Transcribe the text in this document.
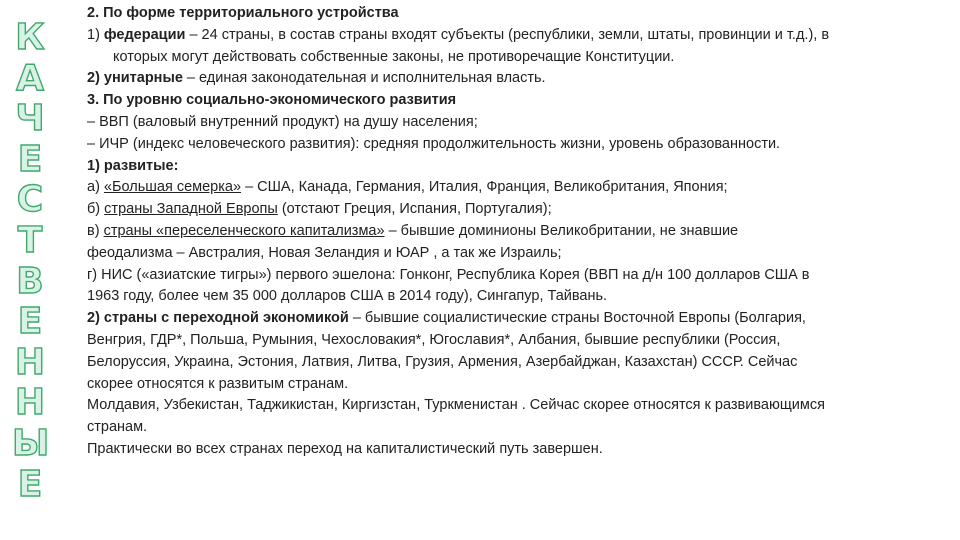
К
А
Ч
Е
С
Т
В
Е
Н
Н
Ы
Е
2. По форме территориального устройства
1) федерации – 24 страны, в состав страны входят субъекты (республики, земли, штаты, провинции и т.д.), в
которых могут действовать собственные законы, не противоречащие Конституции.
2) унитарные – единая законодательная и исполнительная власть.
3. По уровню социально-экономического развития
– ВВП (валовый внутренний продукт) на душу населения;
– ИЧР (индекс человеческого развития): средняя продолжительность жизни, уровень образованности.
1) развитые:
а) «Большая семерка» – США, Канада, Германия, Италия, Франция, Великобритания, Япония;
б) страны Западной Европы (отстают Греция, Испания, Португалия);
в) страны «переселенческого капитализма» – бывшие доминионы Великобритании, не знавшие
феодализма – Австралия, Новая Зеландия и ЮАР , а так же Израиль;
г) НИС («азиатские тигры») первого эшелона: Гонконг, Республика Корея (ВВП на д/н 100 долларов США в
1963 году, более чем 35 000 долларов США в 2014 году), Сингапур, Тайвань.
2) страны с переходной экономикой – бывшие социалистические страны Восточной Европы (Болгария,
Венгрия, ГДР*, Польша, Румыния, Чехословакия*, Югославия*, Албания, бывшие республики (Россия,
Белоруссия, Украина, Эстония, Латвия, Литва, Грузия, Армения, Азербайджан, Казахстан) СССР. Сейчас
скорее относятся к развитым странам.
Молдавия, Узбекистан, Таджикистан, Киргизстан, Туркменистан . Сейчас скорее относятся к развивающимся
странам.
Практически во всех странах переход на капиталистический путь завершен.
